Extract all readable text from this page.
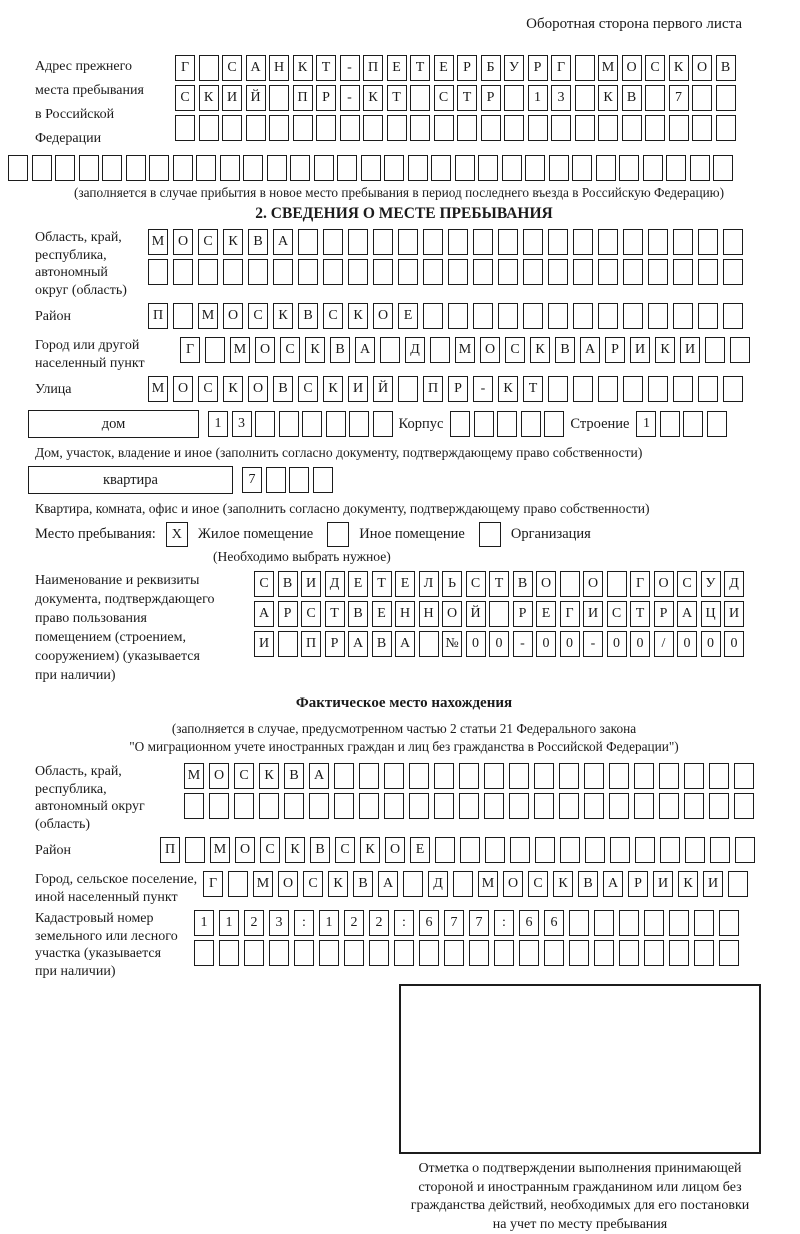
Оборотная сторона первого листа
Адрес прежнего
места пребывания
в Российской
Федерации
Г	С А Н К	Т	-	П	Е	Т	Е	Р	Б	У	Р	Г	М О С	К О В
С	К И Й	П	Р	-	К	Т	С	Т	Р	1	3	К	В	7
(заполняется в случае прибытия в новое место пребывания в период последнего въезда в Российскую Федерацию)
2. СВЕДЕНИЯ О МЕСТЕ ПРЕБЫВАНИЯ
Область, край,
республика,
автономный
округ (область)
М О	С	К	В	А
Район	П	М О	С	К	В	С	К	О	Е
Город или другой
населенный пункт
Г	М О	С	К	В	А	Д	М О	С	К	В	А	Р	И	К	И
Улица	М О	С	К	О	В	С	К	И	Й	П	Р	-	К	Т
дом	1	3	Корпус	Строение 1
Дом, участок, владение и иное (заполнить согласно документу, подтверждающему право собственности)
квартира	7
Квартира, комната, офис и иное (заполнить согласно документу, подтверждающему право собственности)
Место пребывания:	X	Жилое помещение	Иное помещение	Организация
(Необходимо выбрать нужное)
Наименование и реквизиты
документа, подтверждающего
право пользования
помещением (строением,
сооружением) (указывается
при наличии)
С	В И Д	Е	Т	Е	Л	Ь	С	Т	В О	О	Г	О С У Д
А	Р	С	Т	В	Е	Н Н О Й	Р	Е	Г	И С	Т	Р	А Ц И
И	П	Р	А В А	№ 0	0	-	0	0	-	0	0	/	0	0	0
Фактическое место нахождения
(заполняется в случае, предусмотренном частью 2 статьи 21 Федерального закона
"О миграционном учете иностранных граждан и лиц без гражданства в Российской Федерации")
Область, край,
республика,
автономный округ
(область)
М О	С	К	В	А
Район	П	М О	С	К	В	С	К	О	Е
Город, сельское поселение,
иной населенный пункт
Г	М О	С	К	В	А	Д	М О	С	К	В	А	Р	И	К	И
Кадастровый номер
земельного или лесного
участка (указывается
при наличии)
1	1	2	3	:	1	2	2	:	6	7	7	:	6	6
Отметка о подтверждении выполнения принимающей
стороной и иностранным гражданином или лицом без
гражданства действий, необходимых для его постановки
на учет по месту пребывания
